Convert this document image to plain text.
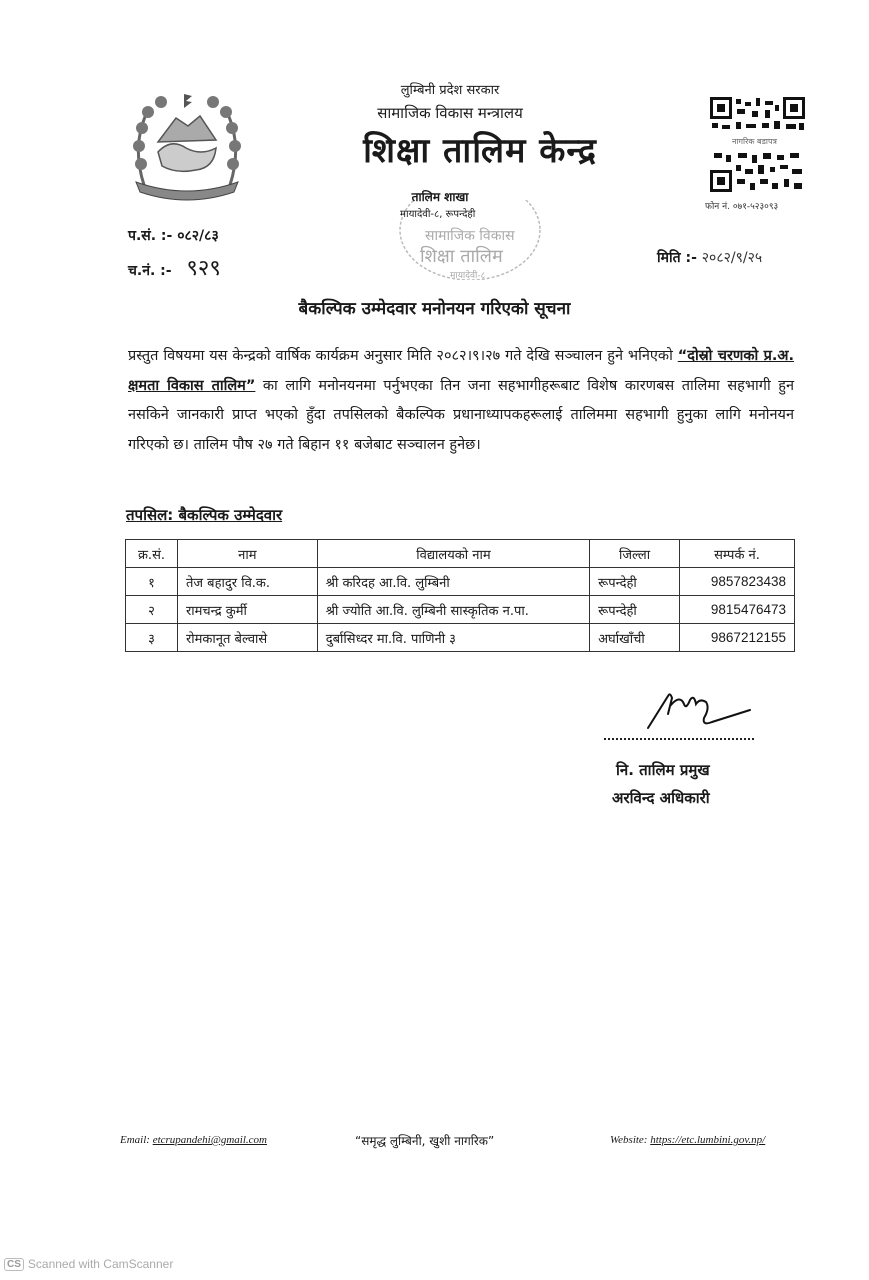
लुम्बिनी प्रदेश सरकार
सामाजिक विकास मन्त्रालय
शिक्षा तालिम केन्द्र
सामाजिक विकास
शिक्षा तालिम
मायादेवी-८
तालिम शाखा
मायादेवी-८, रूपन्देही
नागरिक बडापत्र
फोन नं. ०७१-५२३०९३
प.सं. :- ०८२/८३
च.नं. :- ९२९	मिति :- २०८२/९/२५
बैकल्पिक उम्मेदवार मनोनयन गरिएको सूचना
प्रस्तुत विषयमा यस केन्द्रको वार्षिक कार्यक्रम अनुसार मिति २०८२।९।२७ गते देखि सञ्चालन हुने भनिएको “दोस्रो चरणको प्र.अ. क्षमता विकास तालिम” का लागि मनोनयनमा पर्नुभएका तिन जना सहभागीहरूबाट विशेष कारणबस तालिमा सहभागी हुन नसकिने जानकारी प्राप्त भएको हुँदा तपसिलको बैकल्पिक प्रधानाध्यापकहरूलाई तालिममा सहभागी हुनुका लागि मनोनयन गरिएको छ। तालिम पौष २७ गते बिहान ११ बजेबाट सञ्चालन हुनेछ।
तपसिल: बैकल्पिक उम्मेदवार
क्र.सं.	नाम	विद्यालयको नाम	जिल्ला	सम्पर्क नं.
१	तेज बहादुर वि.क.	श्री करिदह आ.वि. लुम्बिनी	रूपन्देही	9857823438
२	रामचन्द्र कुर्मी	श्री ज्योति आ.वि. लुम्बिनी सास्कृतिक न.पा.	रूपन्देही	9815476473
३	रोमकानूत बेल्वासे	दुर्बासिध्दर मा.वि. पाणिनी ३	अर्घाखाँची	9867212155
नि. तालिम प्रमुख
अरविन्द अधिकारी
Email: etcrupandehi@gmail.com	“समृद्ध लुम्बिनी, खुशी नागरिक”	Website: https://etc.lumbini.gov.np/
CS Scanned with CamScanner
